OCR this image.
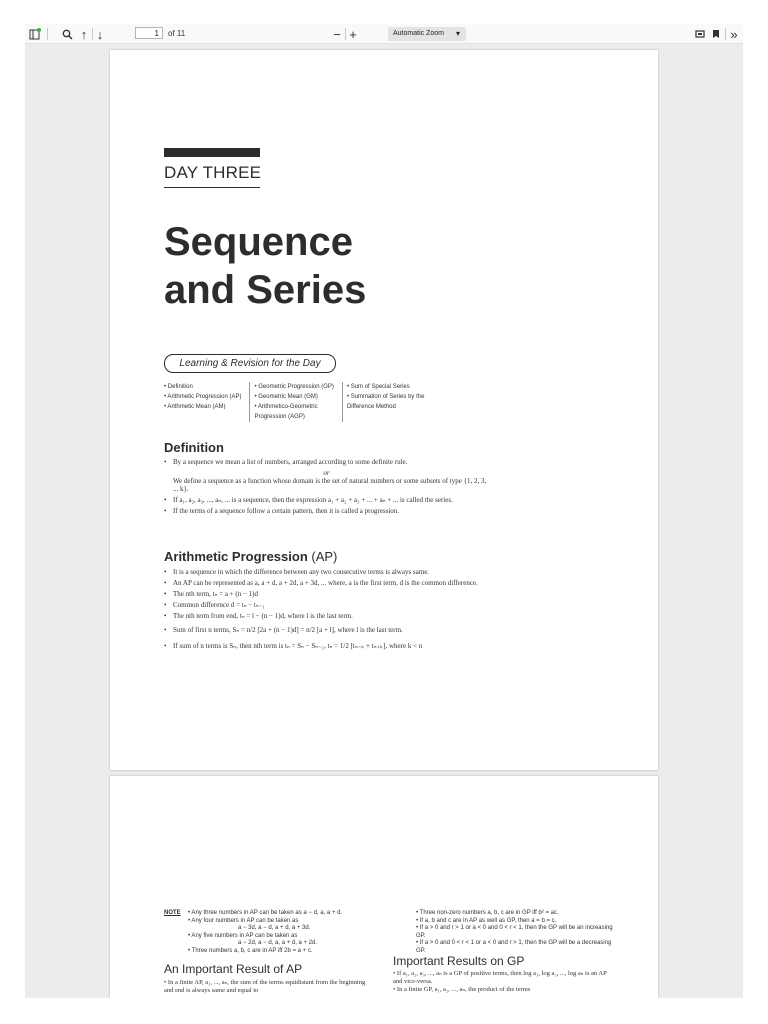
↑ ↓	1	of 11	− +	Automatic Zoom ▾	»
DAY THREE
Sequence
and Series
Learning & Revision for the Day
• Definition
• Arithmetic Progression (AP)
• Arithmetic Mean (AM)
• Geometric Progression (GP)
• Geometric Mean (GM)
• Arithmetico-Geometric
Progression (AGP)
• Sum of Special Series
• Summation of Series by the
Difference Method
Definition
• By a sequence we mean a list of numbers, arranged according to some definite rule.
or
We define a sequence as a function whose domain is the set of natural numbers or some subsets of type {1, 2, 3, ... k}.
• If a₁, a₂, a₃, ..., aₙ, ... is a sequence, then the expression a₁ + a₂ + a₃ + ... + aₙ + ... is called the series.
• If the terms of a sequence follow a certain pattern, then it is called a progression.
Arithmetic Progression (AP)
• It is a sequence in which the difference between any two consecutive terms is always same.
• An AP can be represented as a, a + d, a + 2d, a + 3d, ... where, a is the first term, d is the common difference.
• The nth term, tₙ = a + (n − 1)d
• Common difference d = tₙ − tₙ₋₁
• The nth term from end, tₙ = l − (n − 1)d, where l is the last term.
• Sum of first n terms, Sₙ = n/2 [2a + (n − 1)d] = n/2 [a + l], where l is the last term.
• If sum of n terms is Sₙ, then nth term is tₙ = Sₙ − Sₙ₋₁, tₙ = 1/2 [tₙ₋ₖ + tₙ₊ₖ], where k < n
NOTE • Any three numbers in AP can be taken as a − d, a, a + d.
• Any four numbers in AP can be taken as
a − 3d, a − d, a + d, a + 3d.
• Any five numbers in AP can be taken as
a − 2d, a − d, a, a + d, a + 2d.
• Three numbers a, b, c are in AP iff 2b = a + c.
• Three non-zero numbers a, b, c are in GP iff b² = ac.
• If a, b and c are in AP as well as GP, then a = b = c.
• If a > 0 and r > 1 or a < 0 and 0 < r < 1, then the GP will be an increasing GP.
• If a > 0 and 0 < r < 1 or a < 0 and r > 1, then the GP will be a decreasing GP.
An Important Result of AP
• In a finite AP, a₁, ..., aₙ, the sum of the terms equidistant from the beginning and end is always same and equal to
Important Results on GP
• If a₁, a₂, a₃, ..., aₙ is a GP of positive terms, then log a₁, log a₂, ..., log aₙ is an AP and vice-versa.
• In a finite GP, a₁, a₂, ..., aₙ, the product of the terms
